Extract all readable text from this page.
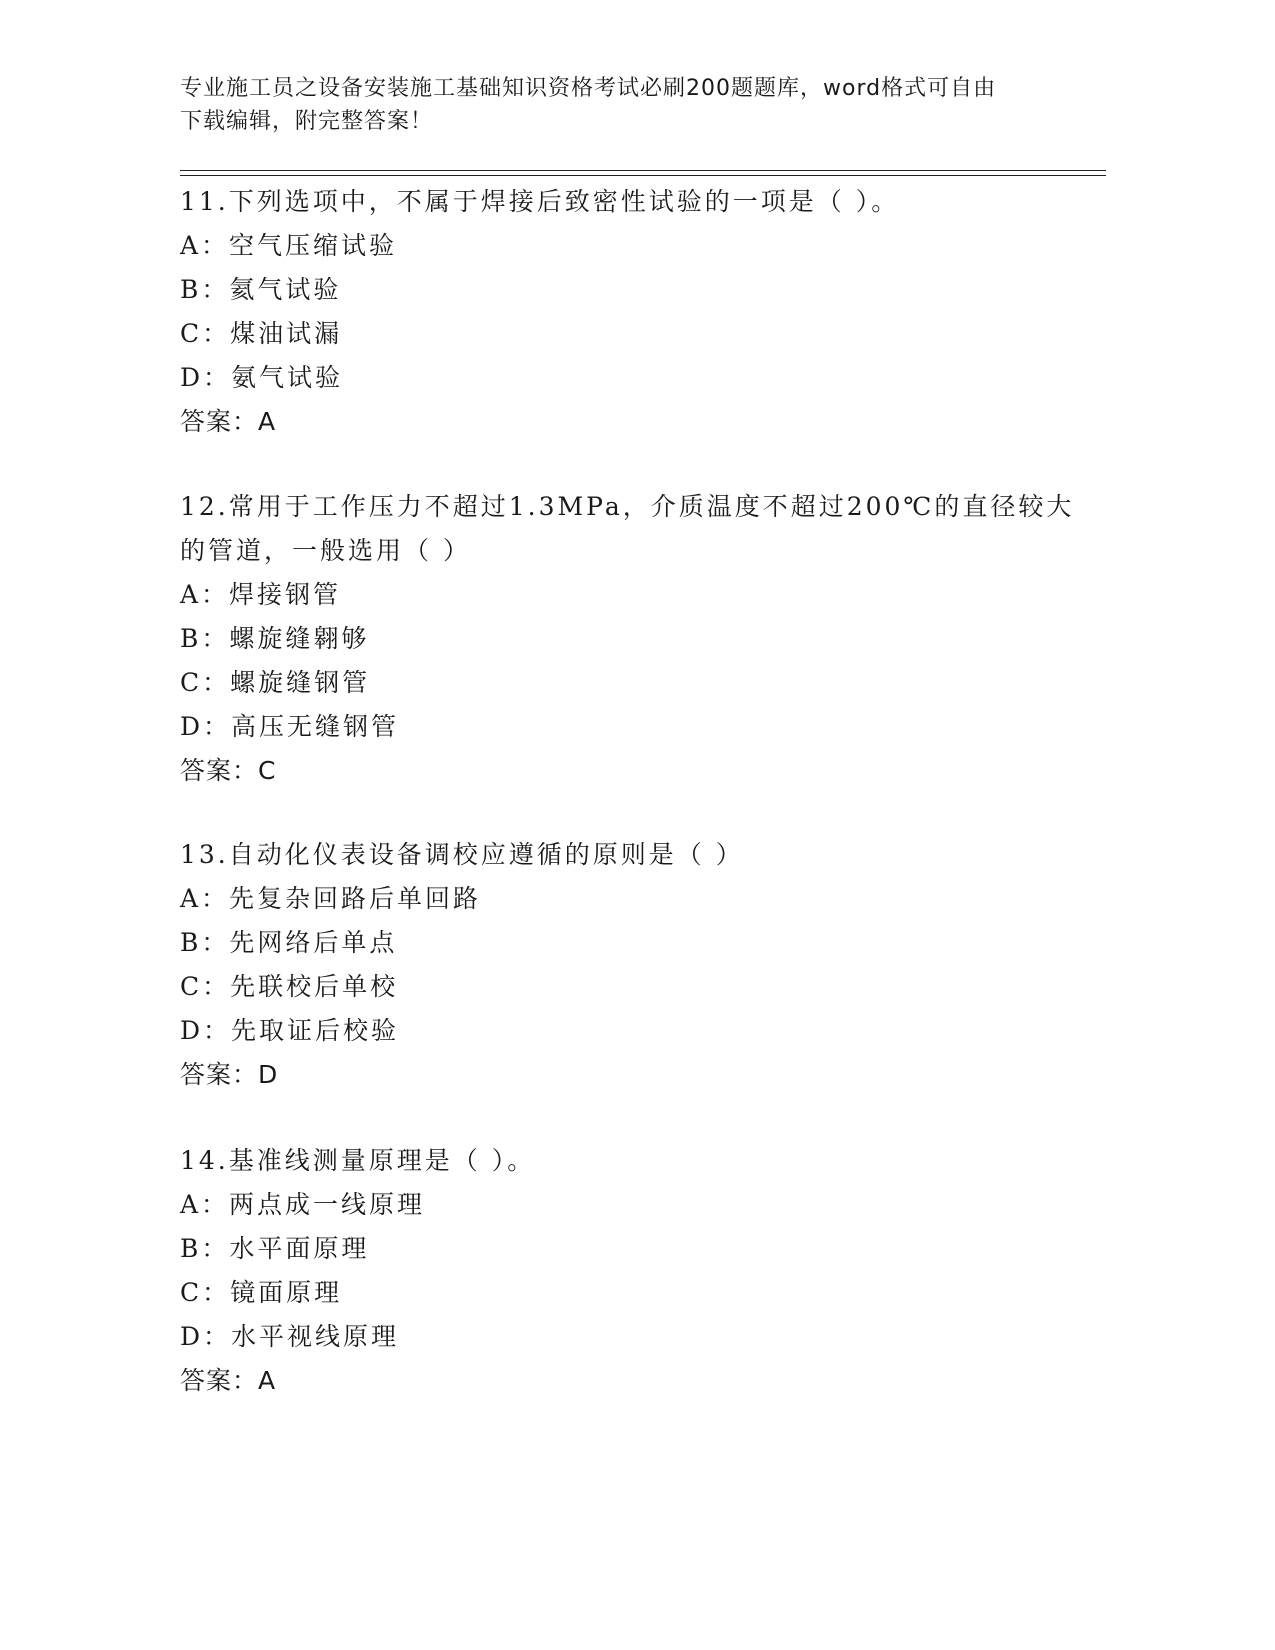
专业施工员之设备安装施工基础知识资格考试必刷200题题库，word格式可自由
下载编辑，附完整答案！
11.下列选项中，不属于焊接后致密性试验的一项是（ ）。
A：空气压缩试验
B：氦气试验
C：煤油试漏
D：氨气试验
答案：A
12.常用于工作压力不超过1.3MPa，介质温度不超过200℃的直径较大
的管道，一般选用（ ）
A：焊接钢管
B：螺旋缝翱够
C：螺旋缝钢管
D：高压无缝钢管
答案：C
13.自动化仪表设备调校应遵循的原则是（ ）
A：先复杂回路后单回路
B：先网络后单点
C：先联校后单校
D：先取证后校验
答案：D
14.基准线测量原理是（ ）。
A：两点成一线原理
B：水平面原理
C：镜面原理
D：水平视线原理
答案：A
